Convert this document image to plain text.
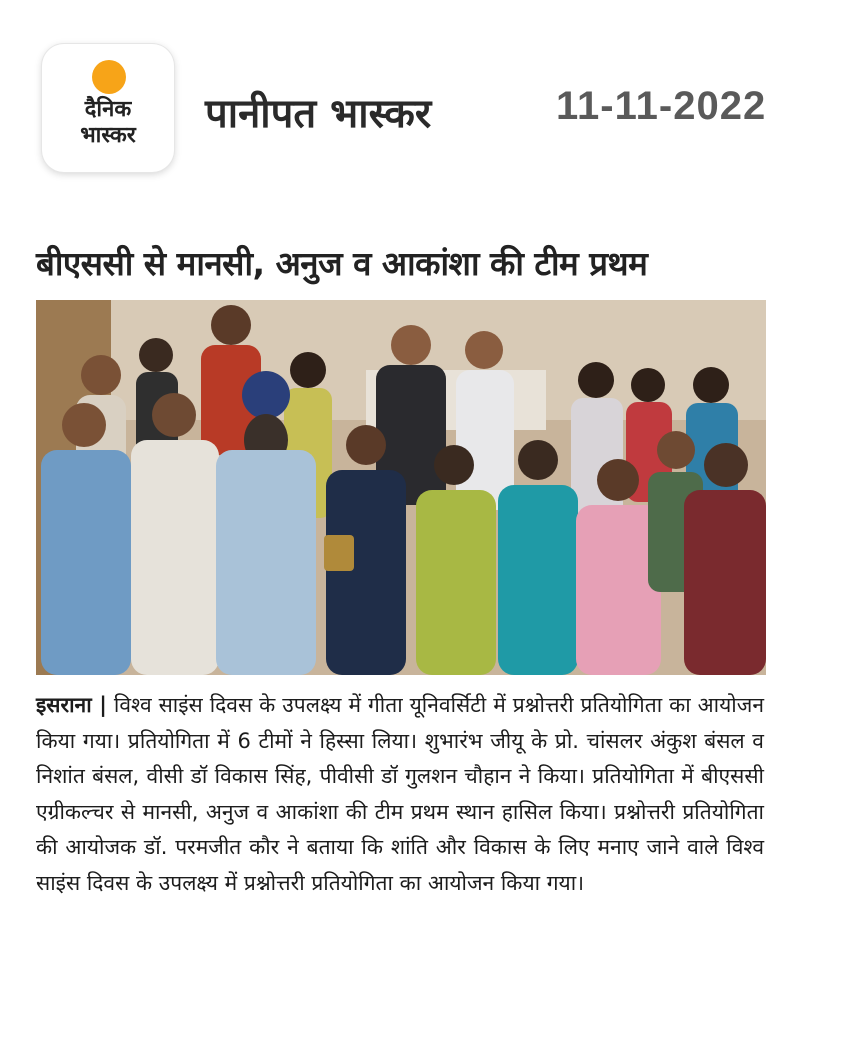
दैनिक
भास्कर	पानीपत भास्कर	11-11-2022
बीएससी से मानसी, अनुज व आकांशा की टीम प्रथम
इसराना | विश्व साइंस दिवस के उपलक्ष्य में गीता यूनिवर्सिटी में प्रश्नोत्तरी प्रतियोगिता का आयोजन किया गया। प्रतियोगिता में 6 टीमों ने हिस्सा लिया। शुभारंभ जीयू के प्रो. चांसलर अंकुश बंसल व निशांत बंसल, वीसी डॉ विकास सिंह, पीवीसी डॉ गुलशन चौहान ने किया। प्रतियोगिता में बीएससी एग्रीकल्चर से मानसी, अनुज व आकांशा की टीम प्रथम स्थान हासिल किया। प्रश्नोत्तरी प्रतियोगिता की आयोजक डॉ. परमजीत कौर ने बताया कि शांति और विकास के लिए मनाए जाने वाले विश्व साइंस दिवस के उपलक्ष्य में प्रश्नोत्तरी प्रतियोगिता का आयोजन किया गया।
